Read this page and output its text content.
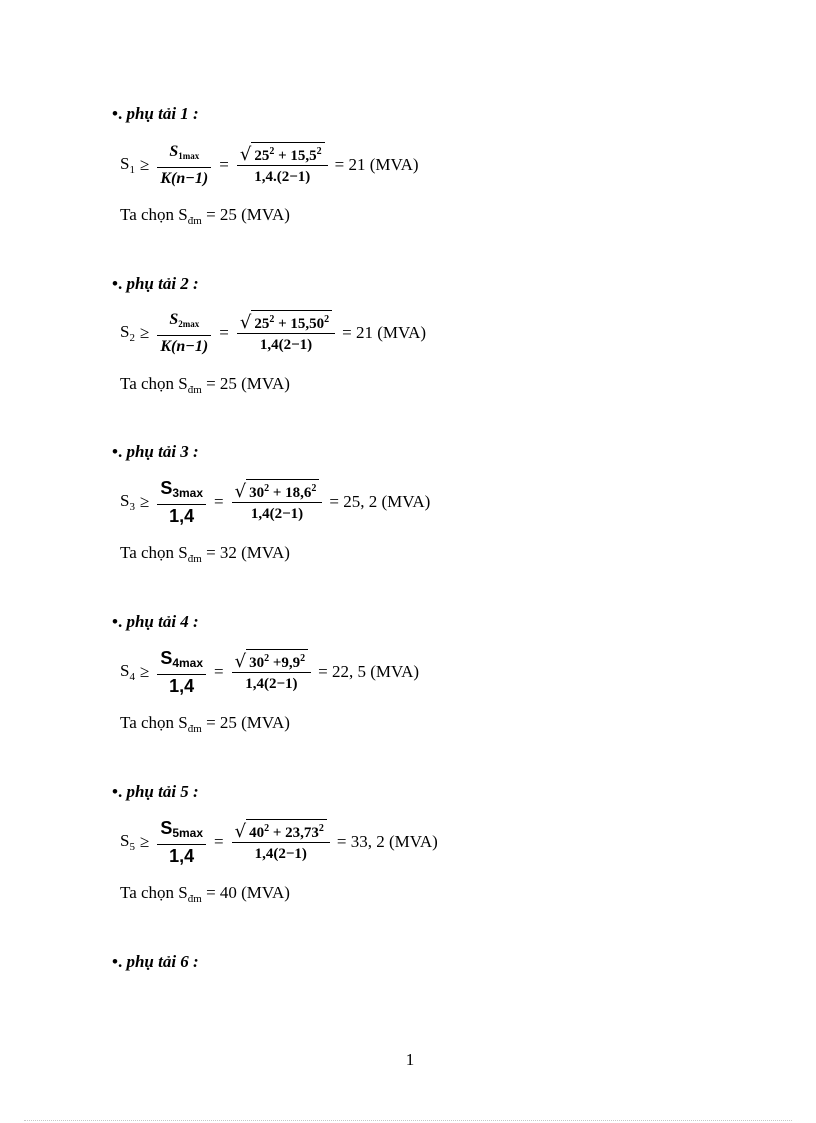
•. phụ tải 1 :
$S_1 \ge \frac{S_{1max}}{K(n-1)} = \frac{√ 25^2 + 15,5^2}{1,4.(2-1)} = 21$ (MVA)
Ta chọn $S_{đm} = 25$ (MVA)
•. phụ tải 2 :
$S_2 \ge \frac{S_{2max}}{K(n-1)} = \frac{√ 25^2 + 15,50^2}{1,4(2-1)} = 21$ (MVA)
Ta chọn $S_{đm} = 25$ (MVA)
•. phụ tải 3 :
$S_3 \ge \frac{S_{3max}}{1,4} = \frac{√ 30^2 + 18,6^2}{1,4(2-1)} = 25$, 2 (MVA)
Ta chọn $S_{đm} = 32$ (MVA)
•. phụ tải 4 :
$S_4 \ge \frac{S_{4max}}{1,4} = \frac{√ 30^2 +9,9^2}{1,4(2-1)} = 22$, 5 (MVA)
Ta chọn $S_{đm} = 25$ (MVA)
•. phụ tải 5 :
$S_5 \ge \frac{S_{5max}}{1,4} = \frac{√ 40^2 + 23,73^2}{1,4(2-1)} = 33$, 2 (MVA)
Ta chọn $S_{đm} = 40$ (MVA)
•. phụ tải 6 :
1
